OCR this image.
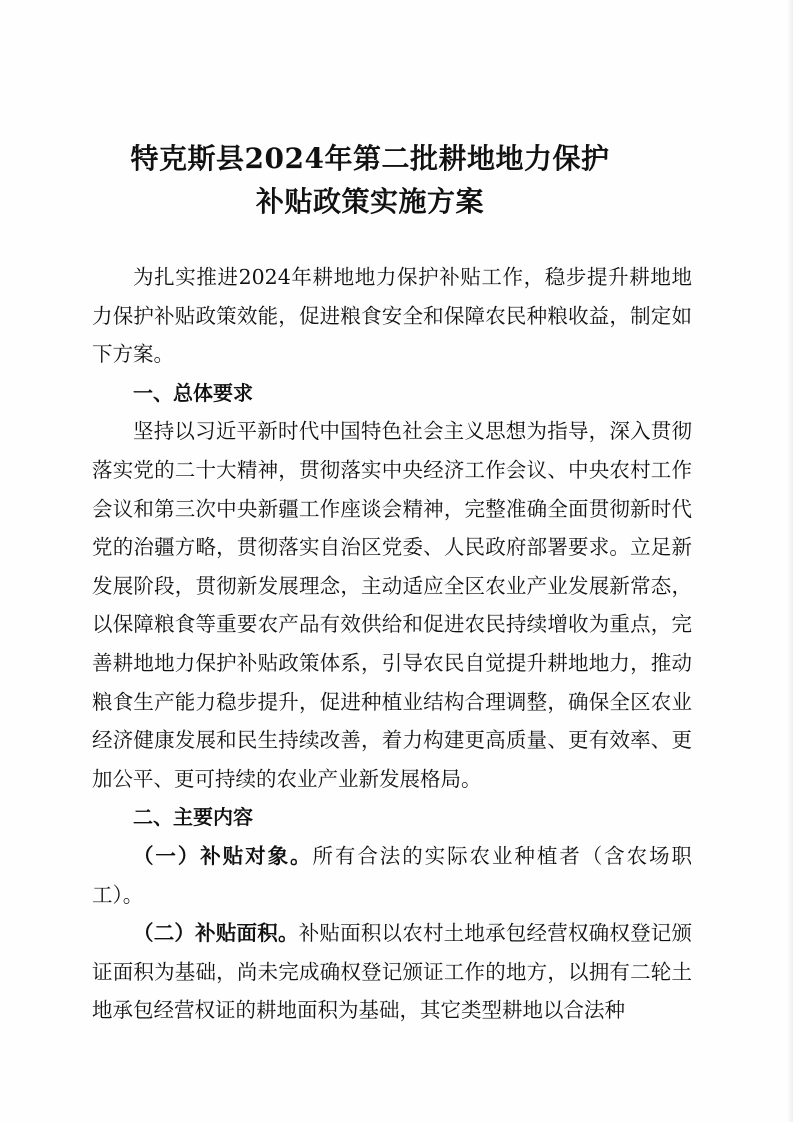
特克斯县2024年第二批耕地地力保护
补贴政策实施方案

为扎实推进2024年耕地地力保护补贴工作，稳步提升耕地地力保护补贴政策效能，促进粮食安全和保障农民种粮收益，制定如下方案。

一、总体要求

坚持以习近平新时代中国特色社会主义思想为指导，深入贯彻落实党的二十大精神，贯彻落实中央经济工作会议、中央农村工作会议和第三次中央新疆工作座谈会精神，完整准确全面贯彻新时代党的治疆方略，贯彻落实自治区党委、人民政府部署要求。立足新发展阶段，贯彻新发展理念，主动适应全区农业产业发展新常态，以保障粮食等重要农产品有效供给和促进农民持续增收为重点，完善耕地地力保护补贴政策体系，引导农民自觉提升耕地地力，推动粮食生产能力稳步提升，促进种植业结构合理调整，确保全区农业经济健康发展和民生持续改善，着力构建更高质量、更有效率、更加公平、更可持续的农业产业新发展格局。

二、主要内容

（一）补贴对象。所有合法的实际农业种植者（含农场职工）。

（二）补贴面积。补贴面积以农村土地承包经营权确权登记颁证面积为基础，尚未完成确权登记颁证工作的地方，以拥有二轮土地承包经营权证的耕地面积为基础，其它类型耕地以合法种
